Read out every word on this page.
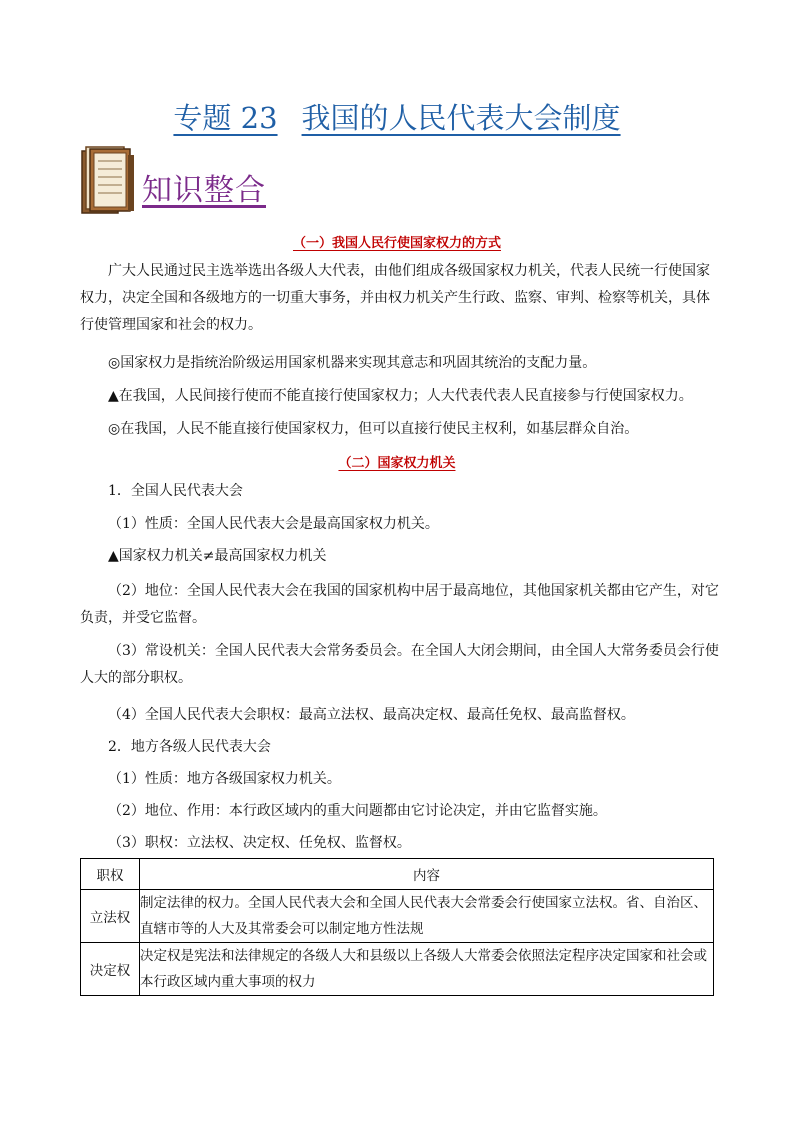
专题 23 我国的人民代表大会制度
知识整合
（一）我国人民行使国家权力的方式

广大人民通过民主选举选出各级人大代表，由他们组成各级国家权力机关，代表人民统一行使国家权力，决定全国和各级地方的一切重大事务，并由权力机关产生行政、监察、审判、检察等机关，具体行使管理国家和社会的权力。

◎国家权力是指统治阶级运用国家机器来实现其意志和巩固其统治的支配力量。

▲在我国，人民间接行使而不能直接行使国家权力；人大代表代表人民直接参与行使国家权力。

◎在我国，人民不能直接行使国家权力，但可以直接行使民主权利，如基层群众自治。

（二）国家权力机关

1．全国人民代表大会

（1）性质：全国人民代表大会是最高国家权力机关。

▲国家权力机关≠最高国家权力机关

（2）地位：全国人民代表大会在我国的国家机构中居于最高地位，其他国家机关都由它产生，对它负责，并受它监督。

（3）常设机关：全国人民代表大会常务委员会。在全国人大闭会期间，由全国人大常务委员会行使人大的部分职权。

（4）全国人民代表大会职权：最高立法权、最高决定权、最高任免权、最高监督权。

2．地方各级人民代表大会

（1）性质：地方各级国家权力机关。

（2）地位、作用：本行政区域内的重大问题都由它讨论决定，并由它监督实施。

（3）职权：立法权、决定权、任免权、监督权。

职权	内容
立法权	制定法律的权力。全国人民代表大会和全国人民代表大会常委会行使国家立法权。省、自治区、直辖市等的人大及其常委会可以制定地方性法规
决定权	决定权是宪法和法律规定的各级人大和县级以上各级人大常委会依照法定程序决定国家和社会或本行政区域内重大事项的权力
